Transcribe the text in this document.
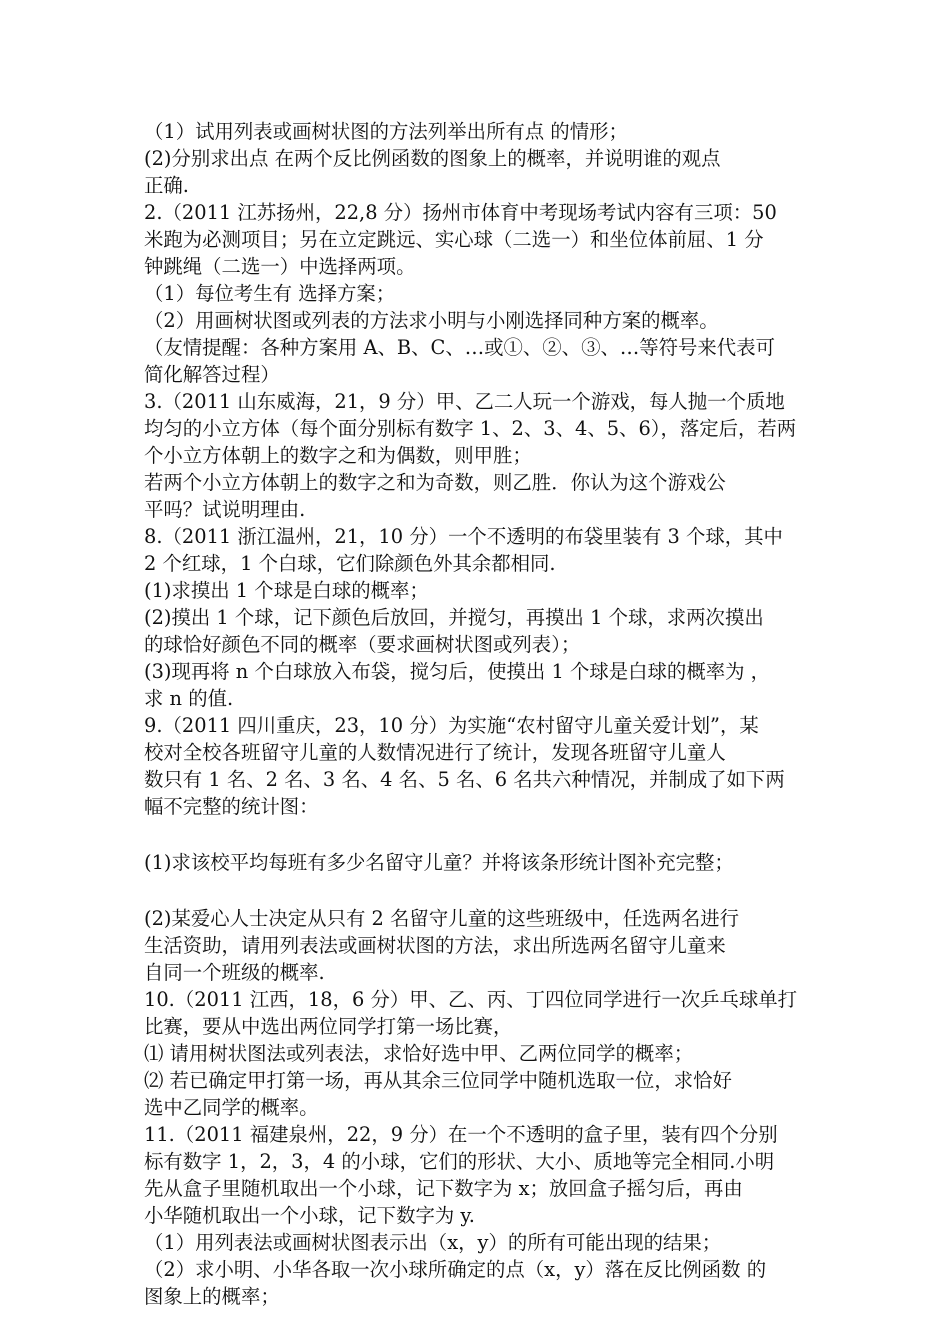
（1）试用列表或画树状图的方法列举出所有点 的情形；
(2)分别求出点 在两个反比例函数的图象上的概率，并说明谁的观点
正确.
2.（2011 江苏扬州，22,8 分）扬州市体育中考现场考试内容有三项：50
米跑为必测项目；另在立定跳远、实心球（二选一）和坐位体前屈、1 分
钟跳绳（二选一）中选择两项。
（1）每位考生有 选择方案；
（2）用画树状图或列表的方法求小明与小刚选择同种方案的概率。
（友情提醒：各种方案用 A、B、C、…或①、②、③、…等符号来代表可
简化解答过程）
3.（2011 山东威海，21，9 分）甲、乙二人玩一个游戏，每人抛一个质地
均匀的小立方体（每个面分别标有数字 1、2、3、4、5、6），落定后，若两
个小立方体朝上的数字之和为偶数，则甲胜；
若两个小立方体朝上的数字之和为奇数，则乙胜．你认为这个游戏公
平吗？试说明理由.
8.（2011 浙江温州，21，10 分）一个不透明的布袋里装有 3 个球，其中
2 个红球，1 个白球，它们除颜色外其余都相同.
(1)求摸出 1 个球是白球的概率；
(2)摸出 1 个球，记下颜色后放回，并搅匀，再摸出 1 个球，求两次摸出
的球恰好颜色不同的概率（要求画树状图或列表）；
(3)现再将 n 个白球放入布袋，搅匀后，使摸出 1 个球是白球的概率为 ，
求 n 的值.
9.（2011 四川重庆，23，10 分）为实施“农村留守儿童关爱计划”，某
校对全校各班留守儿童的人数情况进行了统计，发现各班留守儿童人
数只有 1 名、2 名、3 名、4 名、5 名、6 名共六种情况，并制成了如下两
幅不完整的统计图：
(1)求该校平均每班有多少名留守儿童？并将该条形统计图补充完整；
(2)某爱心人士决定从只有 2 名留守儿童的这些班级中，任选两名进行
生活资助，请用列表法或画树状图的方法，求出所选两名留守儿童来
自同一个班级的概率.
10.（2011 江西，18，6 分）甲、乙、丙、丁四位同学进行一次乒乓球单打
比赛，要从中选出两位同学打第一场比赛，
⑴ 请用树状图法或列表法，求恰好选中甲、乙两位同学的概率；
⑵ 若已确定甲打第一场，再从其余三位同学中随机选取一位，求恰好
选中乙同学的概率。
11.（2011 福建泉州，22，9 分）在一个不透明的盒子里，装有四个分别
标有数字 1，2，3，4 的小球，它们的形状、大小、质地等完全相同.小明
先从盒子里随机取出一个小球，记下数字为 x；放回盒子摇匀后，再由
小华随机取出一个小球，记下数字为 y.
（1）用列表法或画树状图表示出（x，y）的所有可能出现的结果；
（2）求小明、小华各取一次小球所确定的点（x，y）落在反比例函数 的
图象上的概率；
